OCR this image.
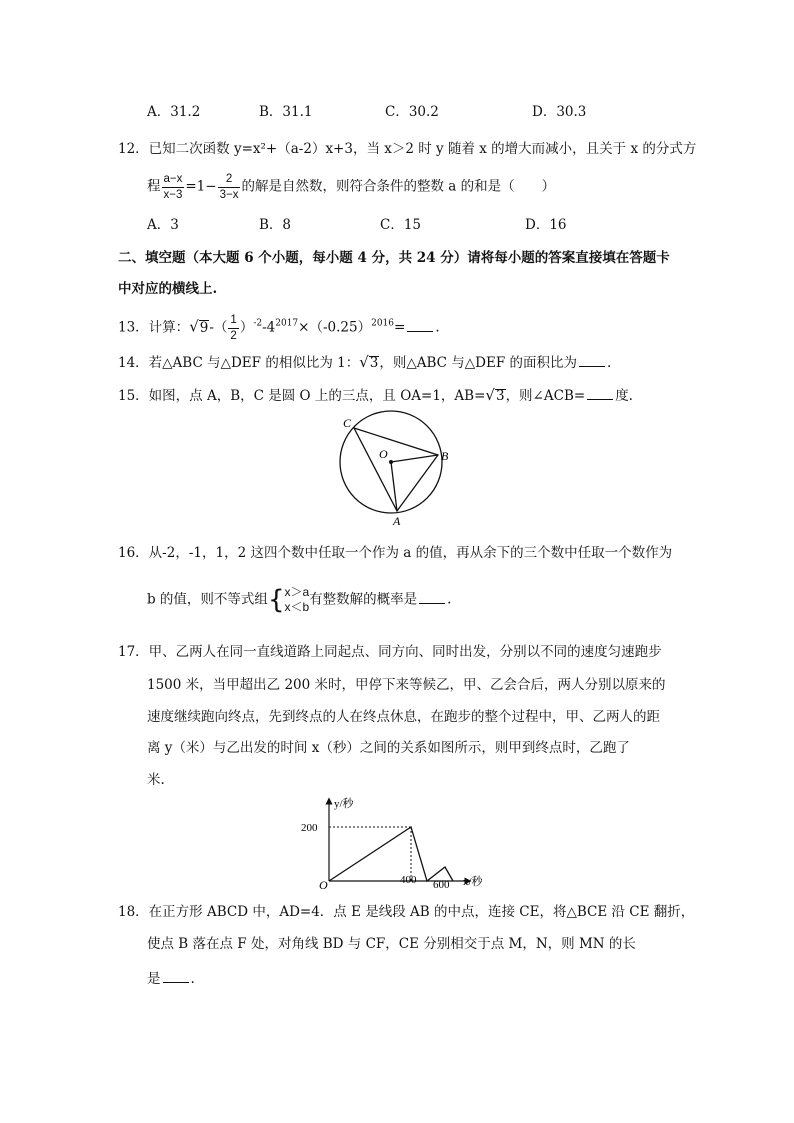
A．31.2	B．31.1	C．30.2	D．30.3
12．已知二次函数 y=x²+（a-2）x+3，当 x＞2 时 y 随着 x 的增大而减小，且关于 x 的分式方
程 $\frac{a-x}{x-3} =1- \frac{2}{3-x}$ 的解是自然数，则符合条件的整数 a 的和是（　　）
A．3	B．8	C．15	D．16
二、填空题（本大题 6 个小题，每小题 4 分，共 24 分）请将每小题的答案直接填在答题卡
中对应的横线上.
13．计算：$√9-( \frac{1}{2} )^{-2}-4^{2017}\times(-0.25)^{2016}=$ .
14．若△ABC 与△DEF 的相似比为 1：√3，则△ABC 与△DEF 的面积比为 .
15．如图，点 A，B，C 是圆 O 上的三点，且 OA=1，AB=√3，则∠ACB= 度.
C
O	B
A
16．从-2，-1，1，2 这四个数中任取一个作为 a 的值，再从余下的三个数中任取一个数作为
b 的值，则不等式组{ x＞a
x＜b 有整数解的概率是 .
17．甲、乙两人在同一直线道路上同起点、同方向、同时出发，分别以不同的速度匀速跑步
1500 米，当甲超出乙 200 米时，甲停下来等候乙，甲、乙会合后，两人分别以原来的
速度继续跑向终点，先到终点的人在终点休息，在跑步的整个过程中，甲、乙两人的距
离 y（米）与乙出发的时间 x（秒）之间的关系如图所示，则甲到终点时，乙跑了
米.
y/秒
x/秒
O
200
400 600
18．在正方形 ABCD 中，AD=4．点 E 是线段 AB 的中点，连接 CE，将△BCE 沿 CE 翻折，
使点 B 落在点 F 处，对角线 BD 与 CF，CE 分别相交于点 M，N，则 MN 的长
是 .
